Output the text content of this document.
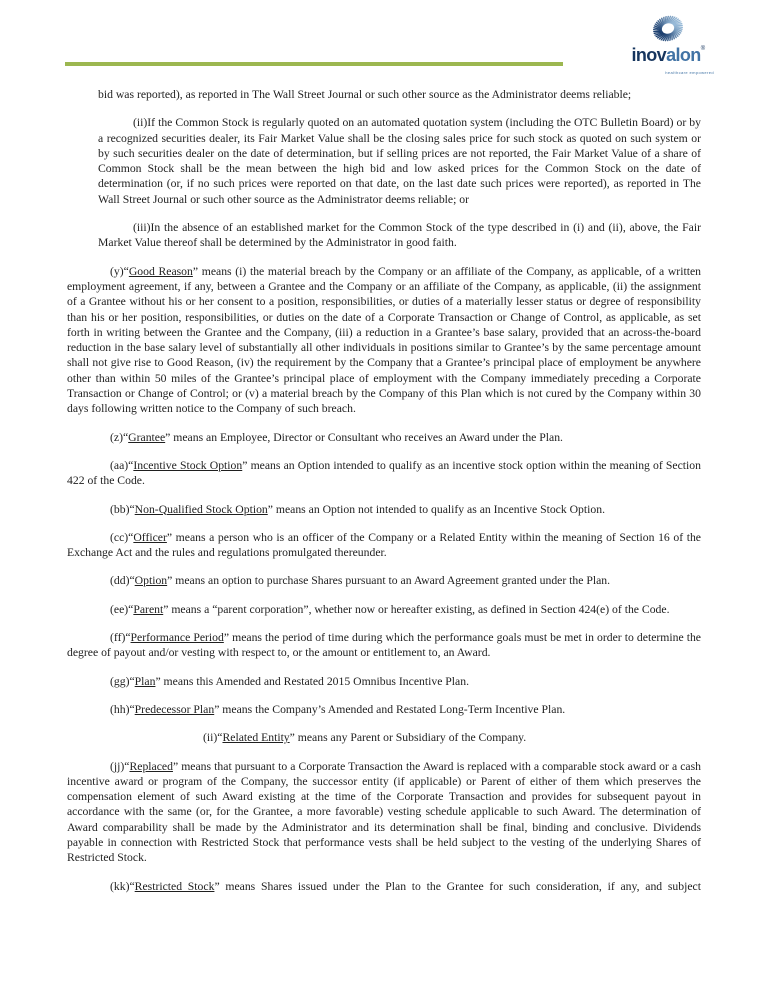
inovalon®
healthcare empowered

bid was reported), as reported in The Wall Street Journal or such other source as the Administrator deems reliable;

(ii)If the Common Stock is regularly quoted on an automated quotation system (including the OTC Bulletin Board) or by a recognized securities dealer, its Fair Market Value shall be the closing sales price for such stock as quoted on such system or by such securities dealer on the date of determination, but if selling prices are not reported, the Fair Market Value of a share of Common Stock shall be the mean between the high bid and low asked prices for the Common Stock on the date of determination (or, if no such prices were reported on that date, on the last date such prices were reported), as reported in The Wall Street Journal or such other source as the Administrator deems reliable; or

(iii)In the absence of an established market for the Common Stock of the type described in (i) and (ii), above, the Fair Market Value thereof shall be determined by the Administrator in good faith.

(y)“Good Reason” means (i) the material breach by the Company or an affiliate of the Company, as applicable, of a written employment agreement, if any, between a Grantee and the Company or an affiliate of the Company, as applicable, (ii) the assignment of a Grantee without his or her consent to a position, responsibilities, or duties of a materially lesser status or degree of responsibility than his or her position, responsibilities, or duties on the date of a Corporate Transaction or Change of Control, as applicable, as set forth in writing between the Grantee and the Company, (iii) a reduction in a Grantee’s base salary, provided that an across-the-board reduction in the base salary level of substantially all other individuals in positions similar to Grantee’s by the same percentage amount shall not give rise to Good Reason, (iv) the requirement by the Company that a Grantee’s principal place of employment be anywhere other than within 50 miles of the Grantee’s principal place of employment with the Company immediately preceding a Corporate Transaction or Change of Control; or (v) a material breach by the Company of this Plan which is not cured by the Company within 30 days following written notice to the Company of such breach.

(z)“Grantee” means an Employee, Director or Consultant who receives an Award under the Plan.

(aa)“Incentive Stock Option” means an Option intended to qualify as an incentive stock option within the meaning of Section 422 of the Code.

(bb)“Non-Qualified Stock Option” means an Option not intended to qualify as an Incentive Stock Option.

(cc)“Officer” means a person who is an officer of the Company or a Related Entity within the meaning of Section 16 of the Exchange Act and the rules and regulations promulgated thereunder.

(dd)“Option” means an option to purchase Shares pursuant to an Award Agreement granted under the Plan.

(ee)“Parent” means a “parent corporation”, whether now or hereafter existing, as defined in Section 424(e) of the Code.

(ff)“Performance Period” means the period of time during which the performance goals must be met in order to determine the degree of payout and/or vesting with respect to, or the amount or entitlement to, an Award.

(gg)“Plan” means this Amended and Restated 2015 Omnibus Incentive Plan.

(hh)“Predecessor Plan” means the Company’s Amended and Restated Long-Term Incentive Plan.

(ii)“Related Entity” means any Parent or Subsidiary of the Company.

(jj)“Replaced” means that pursuant to a Corporate Transaction the Award is replaced with a comparable stock award or a cash incentive award or program of the Company, the successor entity (if applicable) or Parent of either of them which preserves the compensation element of such Award existing at the time of the Corporate Transaction and provides for subsequent payout in accordance with the same (or, for the Grantee, a more favorable) vesting schedule applicable to such Award. The determination of Award comparability shall be made by the Administrator and its determination shall be final, binding and conclusive. Dividends payable in connection with Restricted Stock that performance vests shall be held subject to the vesting of the underlying Shares of Restricted Stock.

(kk)“Restricted Stock” means Shares issued under the Plan to the Grantee for such consideration, if any, and subject
